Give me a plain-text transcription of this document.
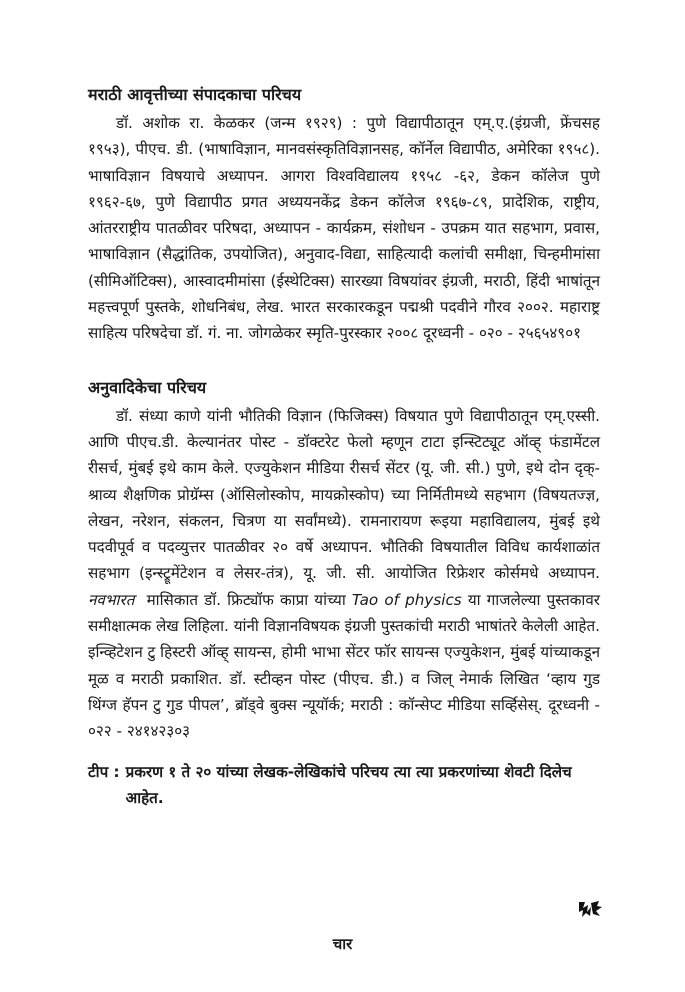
मराठी आवृत्तीच्या संपादकाचा परिचय

डॉ. अशोक रा. केळकर (जन्म १९२९) : पुणे विद्यापीठातून एम्.ए.(इंग्रजी, फ्रेंचसह १९५३), पीएच. डी. (भाषाविज्ञान, मानवसंस्कृतिविज्ञानसह, कॉर्नेल विद्यापीठ, अमेरिका १९५८). भाषाविज्ञान विषयाचे अध्यापन. आगरा विश्वविद्यालय १९५८ -६२, डेकन कॉलेज पुणे १९६२-६७, पुणे विद्यापीठ प्रगत अध्ययनकेंद्र डेकन कॉलेज १९६७-८९, प्रादेशिक, राष्ट्रीय, आंतरराष्ट्रीय पातळीवर परिषदा, अध्यापन - कार्यक्रम, संशोधन - उपक्रम यात सहभाग, प्रवास, भाषाविज्ञान (सैद्धांतिक, उपयोजित), अनुवाद-विद्या, साहित्यादी कलांची समीक्षा, चिन्हमीमांसा (सीमिऑटिक्स), आस्वादमीमांसा (ईस्थेटिक्स) सारख्या विषयांवर इंग्रजी, मराठी, हिंदी भाषांतून महत्त्वपूर्ण पुस्तके, शोधनिबंध, लेख. भारत सरकारकडून पद्मश्री पदवीने गौरव २००२. महाराष्ट्र साहित्य परिषदेचा डॉ. गं. ना. जोगळेकर स्मृति-पुरस्कार २००८ दूरध्वनी - ०२० - २५६५४९०१

अनुवादिकेचा परिचय

डॉ. संध्या काणे यांनी भौतिकी विज्ञान (फिजिक्स) विषयात पुणे विद्यापीठातून एम्.एस्सी. आणि पीएच.डी. केल्यानंतर पोस्ट - डॉक्टरेट फेलो म्हणून टाटा इन्स्टिट्यूट ऑव्ह् फंडामेंटल रीसर्च, मुंबई इथे काम केले. एज्युकेशन मीडिया रीसर्च सेंटर (यू. जी. सी.) पुणे, इथे दोन दृक्-श्राव्य शैक्षणिक प्रोग्रॅम्स (ऑसिलोस्कोप, मायक्रोस्कोप) च्या निर्मितीमध्ये सहभाग (विषयतज्ज्ञ, लेखन, नरेशन, संकलन, चित्रण या सर्वांमध्ये). रामनारायण रूइया महाविद्यालय, मुंबई इथे पदवीपूर्व व पदव्युत्तर पातळीवर २० वर्षे अध्यापन. भौतिकी विषयातील विविध कार्यशाळांत सहभाग (इन्स्ट्रूमेंटेशन व लेसर-तंत्र), यू. जी. सी. आयोजित रिफ्रेशर कोर्समधे अध्यापन. नवभारत मासिकात डॉ. फ्रिट्यॉफ काप्रा यांच्या Tao of physics या गाजलेल्या पुस्तकावर समीक्षात्मक लेख लिहिला. यांनी विज्ञानविषयक इंग्रजी पुस्तकांची मराठी भाषांतरे केलेली आहेत. इन्व्हिटेशन टु हिस्टरी ऑव्ह् सायन्स, होमी भाभा सेंटर फॉर सायन्स एज्युकेशन, मुंबई यांच्याकडून मूळ व मराठी प्रकाशित. डॉ. स्टीव्हन पोस्ट (पीएच. डी.) व जिल् नेमार्क लिखित ‘व्हाय गुड थिंग्ज हॅपन टु गुड पीपल’, ब्रॉड्वे बुक्स न्यूयॉर्क; मराठी : कॉन्सेप्ट मीडिया सर्व्हिसेस्. दूरध्वनी - ०२२ - २४१४२३०३

टीप : प्रकरण १ ते २० यांच्या लेखक-लेखिकांचे परिचय त्या त्या प्रकरणांच्या शेवटी दिलेच आहेत.
चार
